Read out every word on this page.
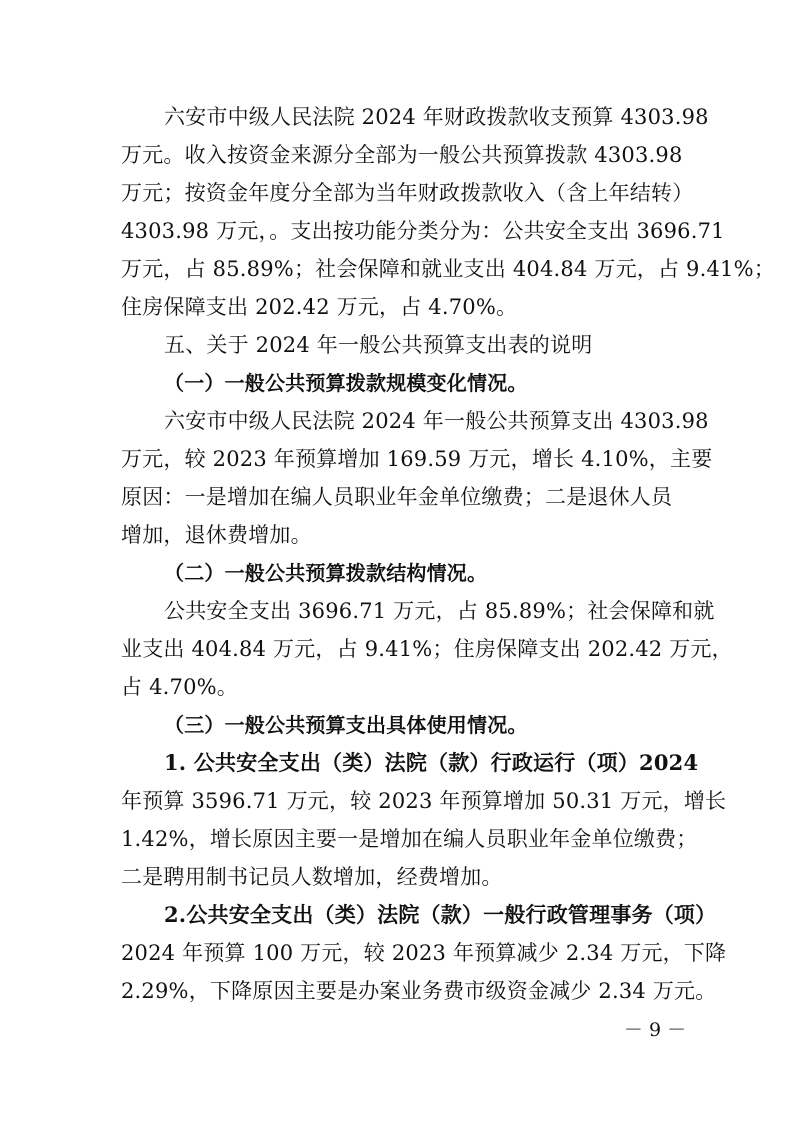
六安市中级人民法院 2024 年财政拨款收支预算 4303.98
万元。收入按资金来源分全部为一般公共预算拨款 4303.98
万元；按资金年度分全部为当年财政拨款收入（含上年结转）
4303.98 万元，。支出按功能分类分为：公共安全支出 3696.71
万元，占 85.89%；社会保障和就业支出 404.84 万元，占 9.41%；
住房保障支出 202.42 万元，占 4.70%。
五、关于 2024 年一般公共预算支出表的说明
（一）一般公共预算拨款规模变化情况。
六安市中级人民法院 2024 年一般公共预算支出 4303.98
万元，较 2023 年预算增加 169.59 万元，增长 4.10%，主要
原因：一是增加在编人员职业年金单位缴费；二是退休人员
增加，退休费增加。
（二）一般公共预算拨款结构情况。
公共安全支出 3696.71 万元，占 85.89%；社会保障和就
业支出 404.84 万元，占 9.41%；住房保障支出 202.42 万元，
占 4.70%。
（三）一般公共预算支出具体使用情况。
1. 公共安全支出（类）法院（款）行政运行（项）2024
年预算 3596.71 万元，较 2023 年预算增加 50.31 万元，增长
1.42%，增长原因主要一是增加在编人员职业年金单位缴费；
二是聘用制书记员人数增加，经费增加。
2.公共安全支出（类）法院（款）一般行政管理事务（项）
2024 年预算 100 万元，较 2023 年预算减少 2.34 万元，下降
2.29%，下降原因主要是办案业务费市级资金减少 2.34 万元。
－ 9 －
